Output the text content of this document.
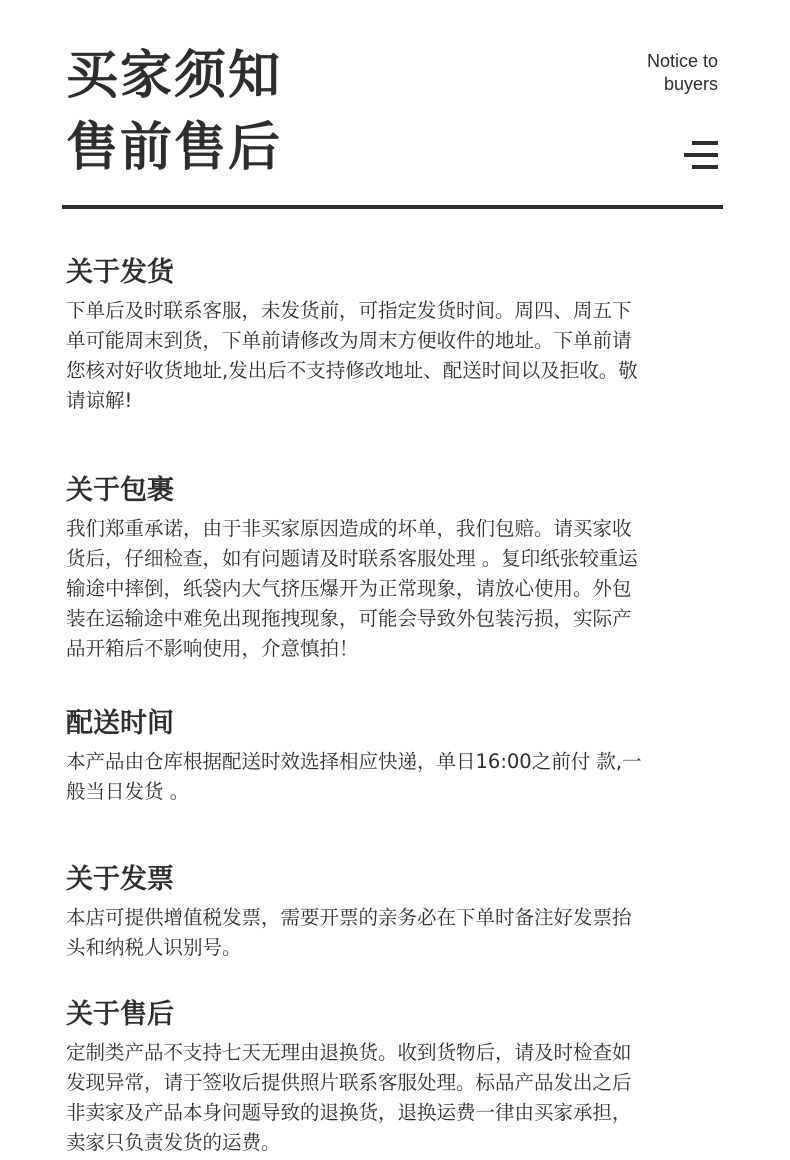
买家须知
售前售后
Notice to
buyers
关于发货

下单后及时联系客服，未发货前，可指定发货时间。周四、周五下
单可能周末到货，下单前请修改为周末方便收件的地址。下单前请
您核对好收货地址,发出后不支持修改地址、配送时间以及拒收。敬
请谅解!

关于包裹

我们郑重承诺，由于非买家原因造成的坏单，我们包赔。请买家收
货后，仔细检查，如有问题请及时联系客服处理 。复印纸张较重运
输途中摔倒，纸袋内大气挤压爆开为正常现象，请放心使用。外包
装在运输途中难免出现拖拽现象，可能会导致外包装污损，实际产
品开箱后不影响使用，介意慎拍！

配送时间

本产品由仓库根据配送时效选择相应快递，单日16:00之前付 款,一
般当日发货 。

关于发票

本店可提供增值税发票，需要开票的亲务必在下单时备注好发票抬
头和纳税人识别号。

关于售后

定制类产品不支持七天无理由退换货。收到货物后，请及时检查如
发现异常，请于签收后提供照片联系客服处理。标品产品发出之后
非卖家及产品本身问题导致的退换货，退换运费一律由买家承担，
卖家只负责发货的运费。
